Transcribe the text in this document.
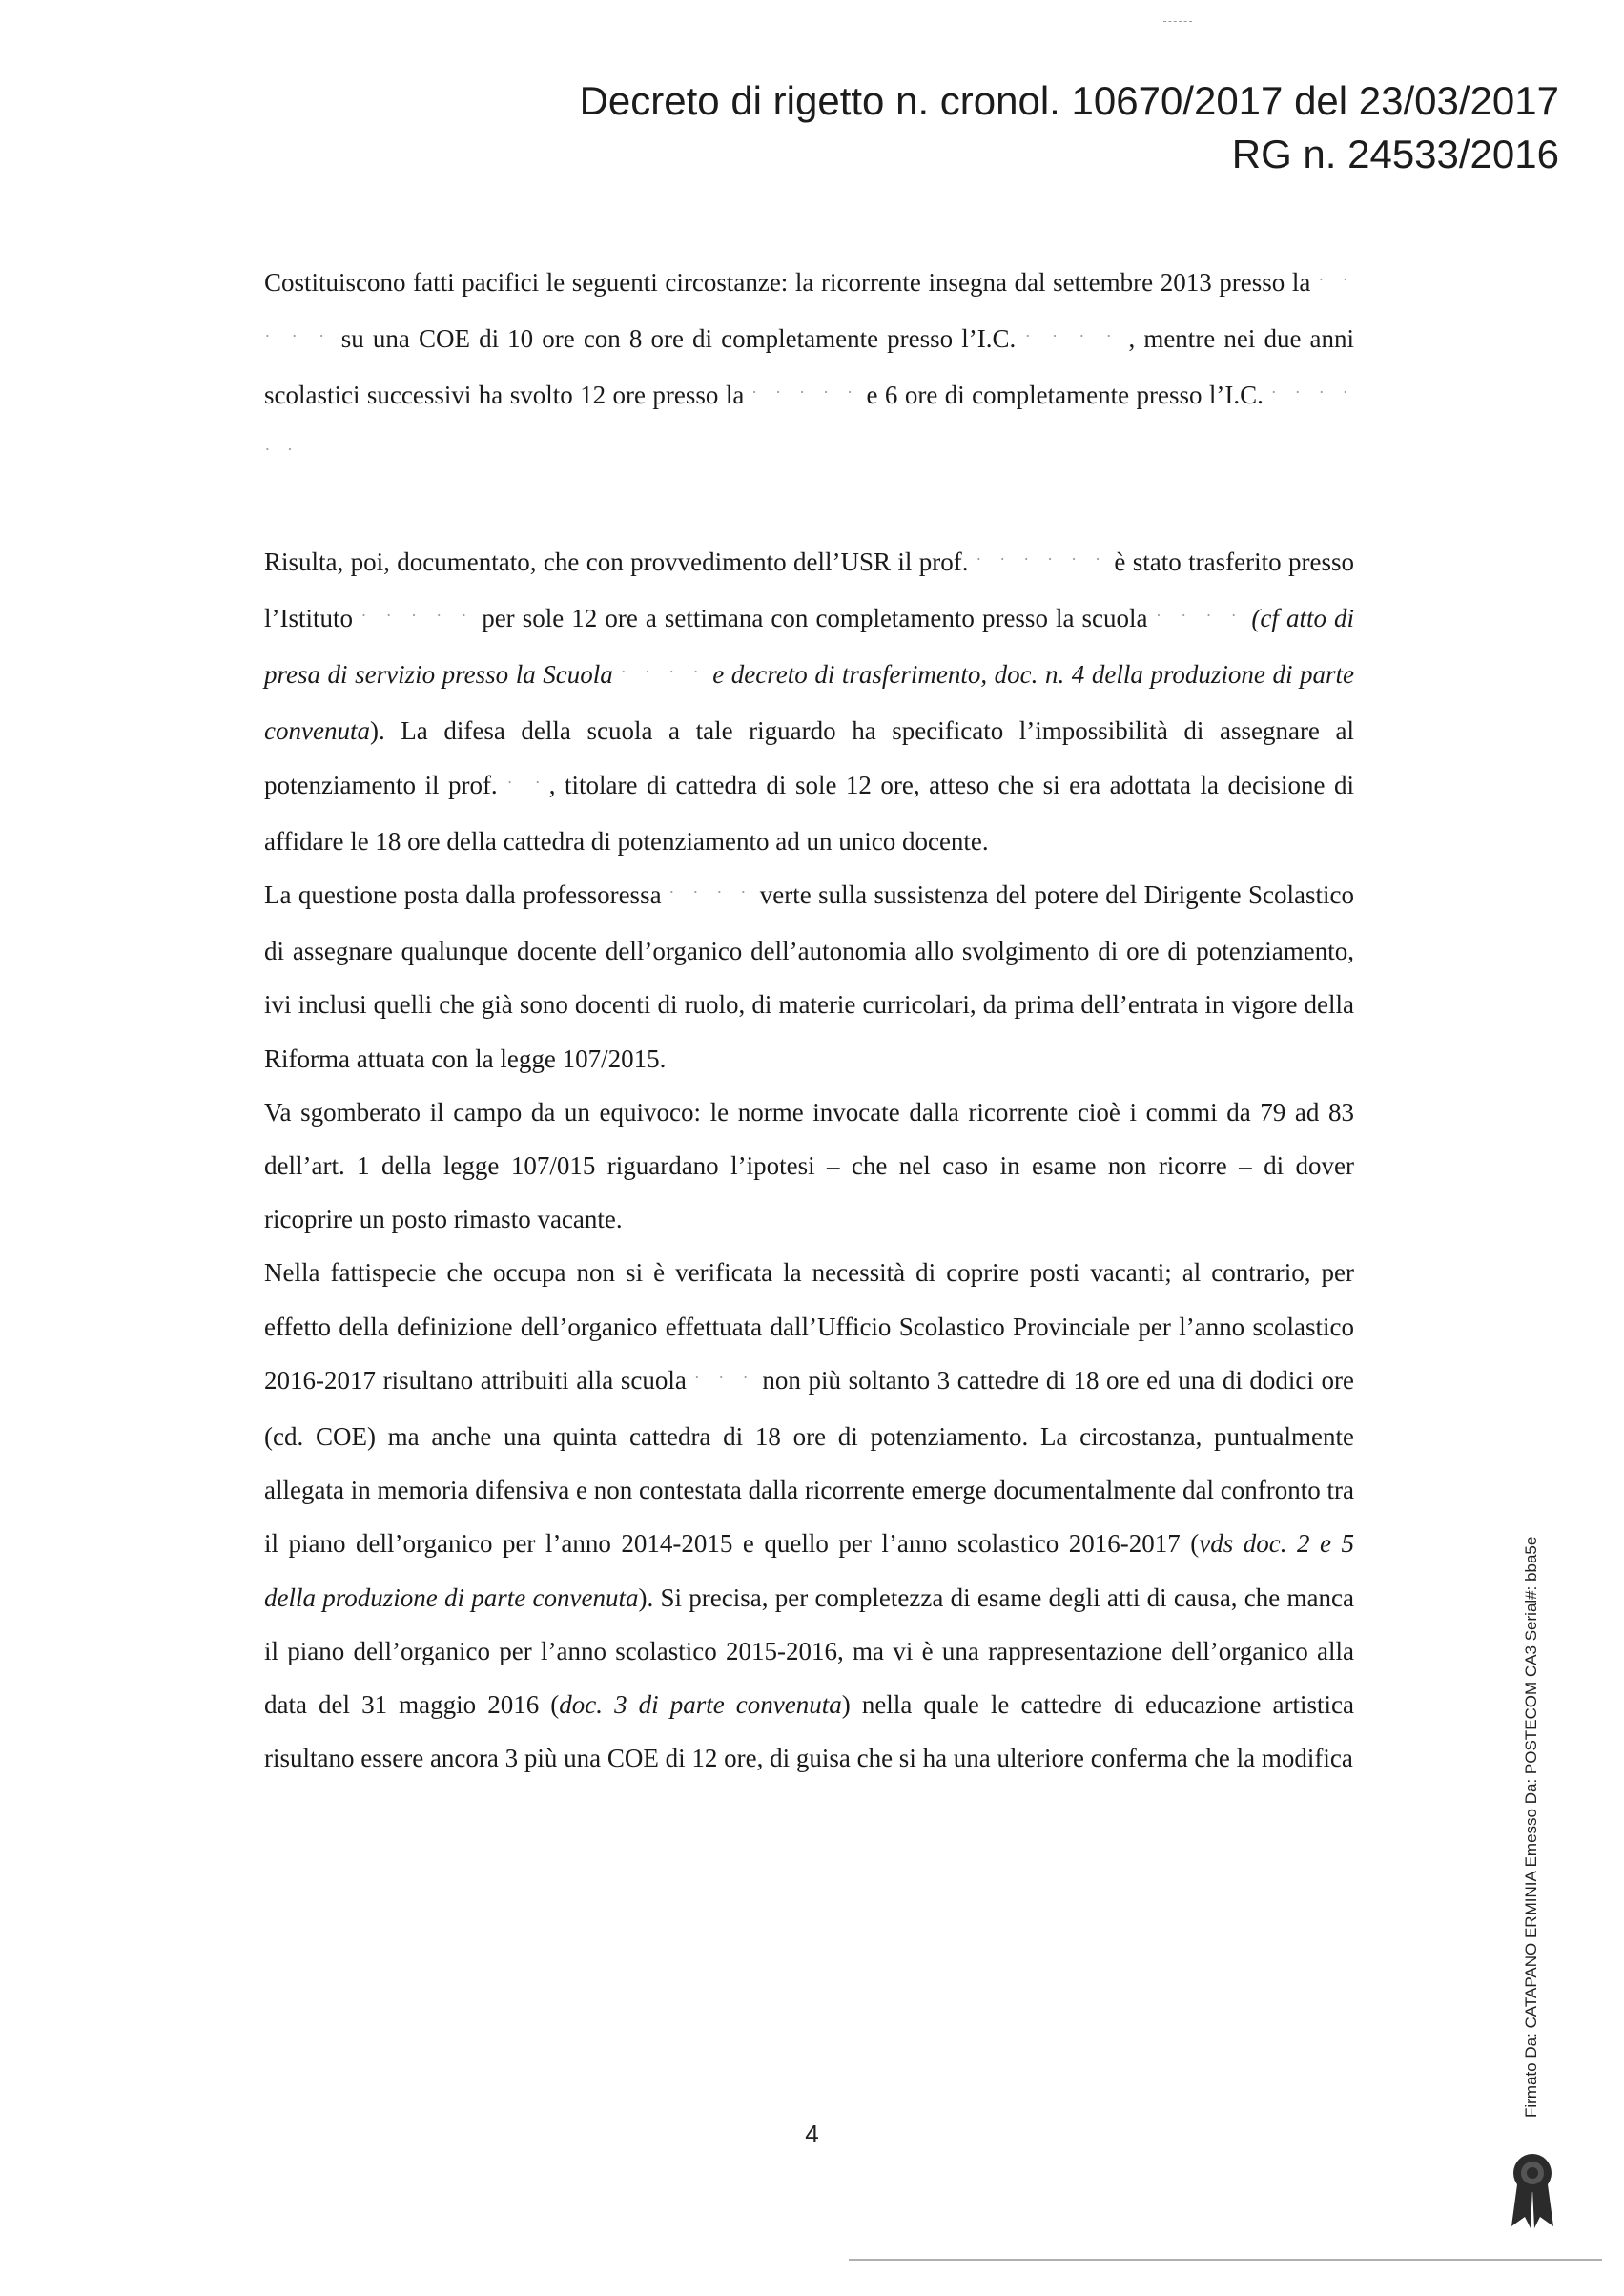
Decreto di rigetto n. cronol. 10670/2017 del 23/03/2017
RG n. 24533/2016

Costituiscono fatti pacifici le seguenti circostanze: la ricorrente insegna dal settembre 2013 presso la ˙ ˙ ˙ ˙ ˙ su una COE di 10 ore con 8 ore di completamente presso l’I.C. ˙ ˙ ˙ ˙ , mentre nei due anni scolastici successivi ha svolto 12 ore presso la ˙ ˙ ˙ ˙ ˙ e 6 ore di completamente presso l’I.C. ˙ ˙ ˙ ˙ ˙ ˙

Risulta, poi, documentato, che con provvedimento dell’USR il prof. ˙ ˙ ˙ ˙ ˙ ˙ è stato trasferito presso l’Istituto ˙ ˙ ˙ ˙ ˙ per sole 12 ore a settimana con completamento presso la scuola ˙ ˙ ˙ ˙ (cf atto di presa di servizio presso la Scuola ˙ ˙ ˙ ˙ e decreto di trasferimento, doc. n. 4 della produzione di parte convenuta). La difesa della scuola a tale riguardo ha specificato l’impossibilità di assegnare al potenziamento il prof. ˙ ˙, titolare di cattedra di sole 12 ore, atteso che si era adottata la decisione di affidare le 18 ore della cattedra di potenziamento ad un unico docente.

La questione posta dalla professoressa ˙ ˙ ˙ ˙ verte sulla sussistenza del potere del Dirigente Scolastico di assegnare qualunque docente dell’organico dell’autonomia allo svolgimento di ore di potenziamento, ivi inclusi quelli che già sono docenti di ruolo, di materie curricolari, da prima dell’entrata in vigore della Riforma attuata con la legge 107/2015.

Va sgomberato il campo da un equivoco: le norme invocate dalla ricorrente cioè i commi da 79 ad 83 dell’art. 1 della legge 107/015 riguardano l’ipotesi – che nel caso in esame non ricorre – di dover ricoprire un posto rimasto vacante.

Nella fattispecie che occupa non si è verificata la necessità di coprire posti vacanti; al contrario, per effetto della definizione dell’organico effettuata dall’Ufficio Scolastico Provinciale per l’anno scolastico 2016-2017 risultano attribuiti alla scuola ˙ ˙ ˙ non più soltanto 3 cattedre di 18 ore ed una di dodici ore (cd. COE) ma anche una quinta cattedra di 18 ore di potenziamento. La circostanza, puntualmente allegata in memoria difensiva e non contestata dalla ricorrente emerge documentalmente dal confronto tra il piano dell’organico per l’anno 2014-2015 e quello per l’anno scolastico 2016-2017 (vds doc. 2 e 5 della produzione di parte convenuta). Si precisa, per completezza di esame degli atti di causa, che manca il piano dell’organico per l’anno scolastico 2015-2016, ma vi è una rappresentazione dell’organico alla data del 31 maggio 2016 (doc. 3 di parte convenuta) nella quale le cattedre di educazione artistica risultano essere ancora 3 più una COE di 12 ore, di guisa che si ha una ulteriore conferma che la modifica

4
Firmato Da: CATAPANO ERMINIA Emesso Da: POSTECOM CA3 Serial#: bba5e
